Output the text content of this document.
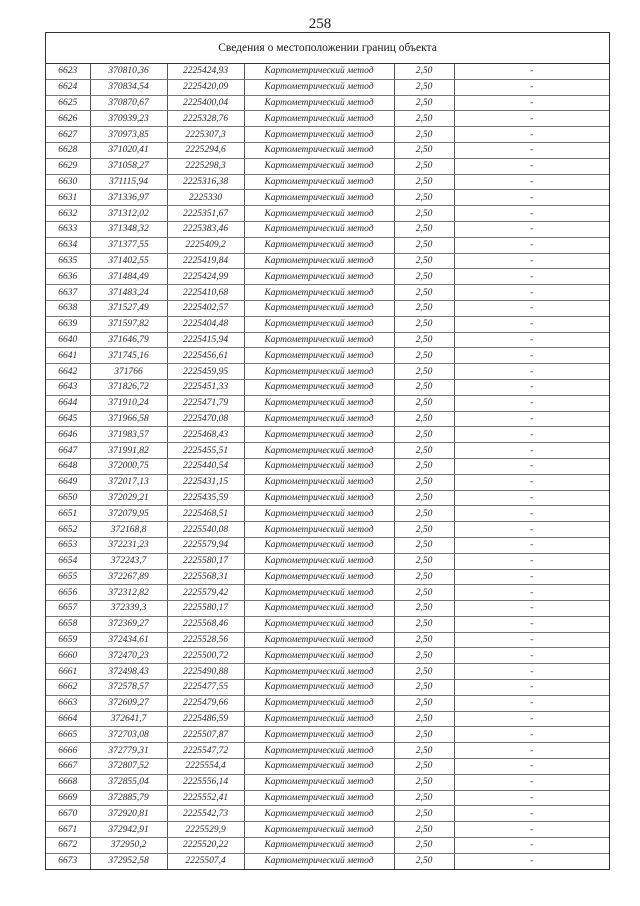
258
Сведения о местоположении границ объекта
6623	370810,36	2225424,93	Картометрический метод	2,50	-
6624	370834,54	2225420,09	Картометрический метод	2,50	-
6625	370870,67	2225400,04	Картометрический метод	2,50	-
6626	370939,23	2225328,76	Картометрический метод	2,50	-
6627	370973,85	2225307,3	Картометрический метод	2,50	-
6628	371020,41	2225294,6	Картометрический метод	2,50	-
6629	371058,27	2225298,3	Картометрический метод	2,50	-
6630	371115,94	2225316,38	Картометрический метод	2,50	-
6631	371336,97	2225330	Картометрический метод	2,50	-
6632	371312,02	2225351,67	Картометрический метод	2,50	-
6633	371348,32	2225383,46	Картометрический метод	2,50	-
6634	371377,55	2225409,2	Картометрический метод	2,50	-
6635	371402,55	2225419,84	Картометрический метод	2,50	-
6636	371484,49	2225424,99	Картометрический метод	2,50	-
6637	371483,24	2225410,68	Картометрический метод	2,50	-
6638	371527,49	2225402,57	Картометрический метод	2,50	-
6639	371597,82	2225404,48	Картометрический метод	2,50	-
6640	371646,79	2225415,94	Картометрический метод	2,50	-
6641	371745,16	2225456,61	Картометрический метод	2,50	-
6642	371766	2225459,95	Картометрический метод	2,50	-
6643	371826,72	2225451,33	Картометрический метод	2,50	-
6644	371910,24	2225471,79	Картометрический метод	2,50	-
6645	371966,58	2225470,08	Картометрический метод	2,50	-
6646	371983,57	2225468,43	Картометрический метод	2,50	-
6647	371991,82	2225455,51	Картометрический метод	2,50	-
6648	372000,75	2225440,54	Картометрический метод	2,50	-
6649	372017,13	2225431,15	Картометрический метод	2,50	-
6650	372029,21	2225435,59	Картометрический метод	2,50	-
6651	372079,95	2225468,51	Картометрический метод	2,50	-
6652	372168,8	2225540,08	Картометрический метод	2,50	-
6653	372231,23	2225579,94	Картометрический метод	2,50	-
6654	372243,7	2225580,17	Картометрический метод	2,50	-
6655	372267,89	2225568,31	Картометрический метод	2,50	-
6656	372312,82	2225579,42	Картометрический метод	2,50	-
6657	372339,3	2225580,17	Картометрический метод	2,50	-
6658	372369,27	2225568,46	Картометрический метод	2,50	-
6659	372434,61	2225528,56	Картометрический метод	2,50	-
6660	372470,23	2225500,72	Картометрический метод	2,50	-
6661	372498,43	2225490,88	Картометрический метод	2,50	-
6662	372578,57	2225477,55	Картометрический метод	2,50	-
6663	372609,27	2225479,66	Картометрический метод	2,50	-
6664	372641,7	2225486,59	Картометрический метод	2,50	-
6665	372703,08	2225507,87	Картометрический метод	2,50	-
6666	372779,31	2225547,72	Картометрический метод	2,50	-
6667	372807,52	2225554,4	Картометрический метод	2,50	-
6668	372855,04	2225556,14	Картометрический метод	2,50	-
6669	372885,79	2225552,41	Картометрический метод	2,50	-
6670	372920,81	2225542,73	Картометрический метод	2,50	-
6671	372942,91	2225529,9	Картометрический метод	2,50	-
6672	372950,2	2225520,22	Картометрический метод	2,50	-
6673	372952,58	2225507,4	Картометрический метод	2,50	-
